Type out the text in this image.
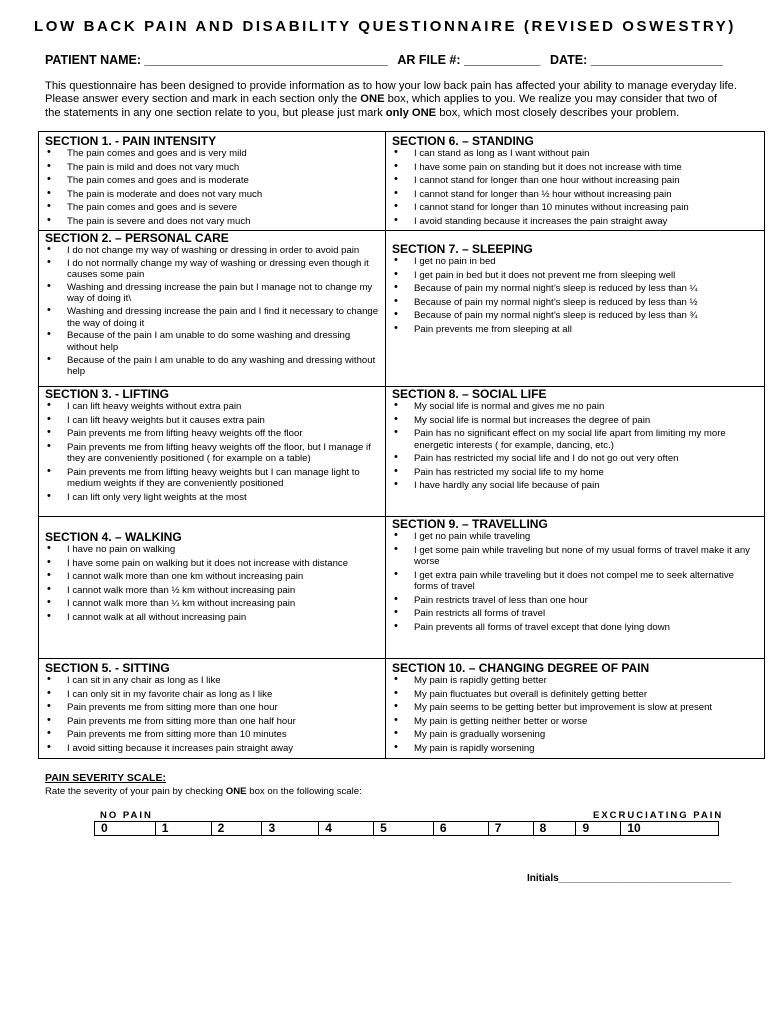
LOW BACK PAIN AND DISABILITY QUESTIONNAIRE (REVISED OSWESTRY)
PATIENT NAME: ___________________________________ AR FILE #: ___________ DATE: ___________________
This questionnaire has been designed to provide information as to how your low back pain has affected your ability to manage everyday life.
Please answer every section and mark in each section only the ONE box, which applies to you. We realize you may consider that two of
the statements in any one section relate to you, but please just mark only ONE box, which most closely describes your problem.
SECTION 1. - PAIN INTENSITY
• The pain comes and goes and is very mild
• The pain is mild and does not vary much
• The pain comes and goes and is moderate
• The pain is moderate and does not vary much
• The pain comes and goes and is severe
• The pain is severe and does not vary much
SECTION 2. – PERSONAL CARE
• I do not change my way of washing or dressing in order to avoid pain
• I do not normally change my way of washing or dressing even though it causes some pain
• Washing and dressing increase the pain but I manage not to change my way of doing it\
• Washing and dressing increase the pain and I find it necessary to change the way of doing it
• Because of the pain I am unable to do some washing and dressing without help
• Because of the pain I am unable to do any washing and dressing without help
SECTION 3. - LIFTING
• I can lift heavy weights without extra pain
• I can lift heavy weights but it causes extra pain
• Pain prevents me from lifting heavy weights off the floor
• Pain prevents me from lifting heavy weights off the floor, but I manage if they are conveniently positioned ( for example on a table)
• Pain prevents me from lifting heavy weights but I can manage light to medium weights if they are conveniently positioned
• I can lift only very light weights at the most
SECTION 4. – WALKING
• I have no pain on walking
• I have some pain on walking but it does not increase with distance
• I cannot walk more than one km without increasing pain
• I cannot walk more than ½ km without increasing pain
• I cannot walk more than ¼ km without increasing pain
• I cannot walk at all without increasing pain
SECTION 5. - SITTING
• I can sit in any chair as long as I like
• I can only sit in my favorite chair as long as I like
• Pain prevents me from sitting more than one hour
• Pain prevents me from sitting more than one half hour
• Pain prevents me from sitting more than 10 minutes
• I avoid sitting because it increases pain straight away
SECTION 6. – STANDING
• I can stand as long as I want without pain
• I have some pain on standing but it does not increase with time
• I cannot stand for longer than one hour without increasing pain
• I cannot stand for longer than ½ hour without increasing pain
• I cannot stand for longer than 10 minutes without increasing pain
• I avoid standing because it increases the pain straight away
SECTION 7. – SLEEPING
• I get no pain in bed
• I get pain in bed but it does not prevent me from sleeping well
• Because of pain my normal night’s sleep is reduced by less than ¼
• Because of pain my normal night’s sleep is reduced by less than ½
• Because of pain my normal night’s sleep is reduced by less than ¾
• Pain prevents me from sleeping at all
SECTION 8. – SOCIAL LIFE
• My social life is normal and gives me no pain
• My social life is normal but increases the degree of pain
• Pain has no significant effect on my social life apart from limiting my more energetic interests ( for example, dancing, etc.)
• Pain has restricted my social life and I do not go out very often
• Pain has restricted my social life to my home
• I have hardly any social life because of pain
SECTION 9. – TRAVELLING
• I get no pain while traveling
• I get some pain while traveling but none of my usual forms of travel make it any worse
• I get extra pain while traveling but it does not compel me to seek alternative forms of travel
• Pain restricts travel of less than one hour
• Pain restricts all forms of travel
• Pain prevents all forms of travel except that done lying down
SECTION 10. – CHANGING DEGREE OF PAIN
• My pain is rapidly getting better
• My pain fluctuates but overall is definitely getting better
• My pain seems to be getting better but improvement is slow at present
• My pain is getting neither better or worse
• My pain is gradually worsening
• My pain is rapidly worsening
PAIN SEVERITY SCALE:
Rate the severity of your pain by checking ONE box on the following scale:
NO PAIN	EXCRUCIATING PAIN
0	1	2	3	4	5	6	7	8	9	10
Initials_______________________________
